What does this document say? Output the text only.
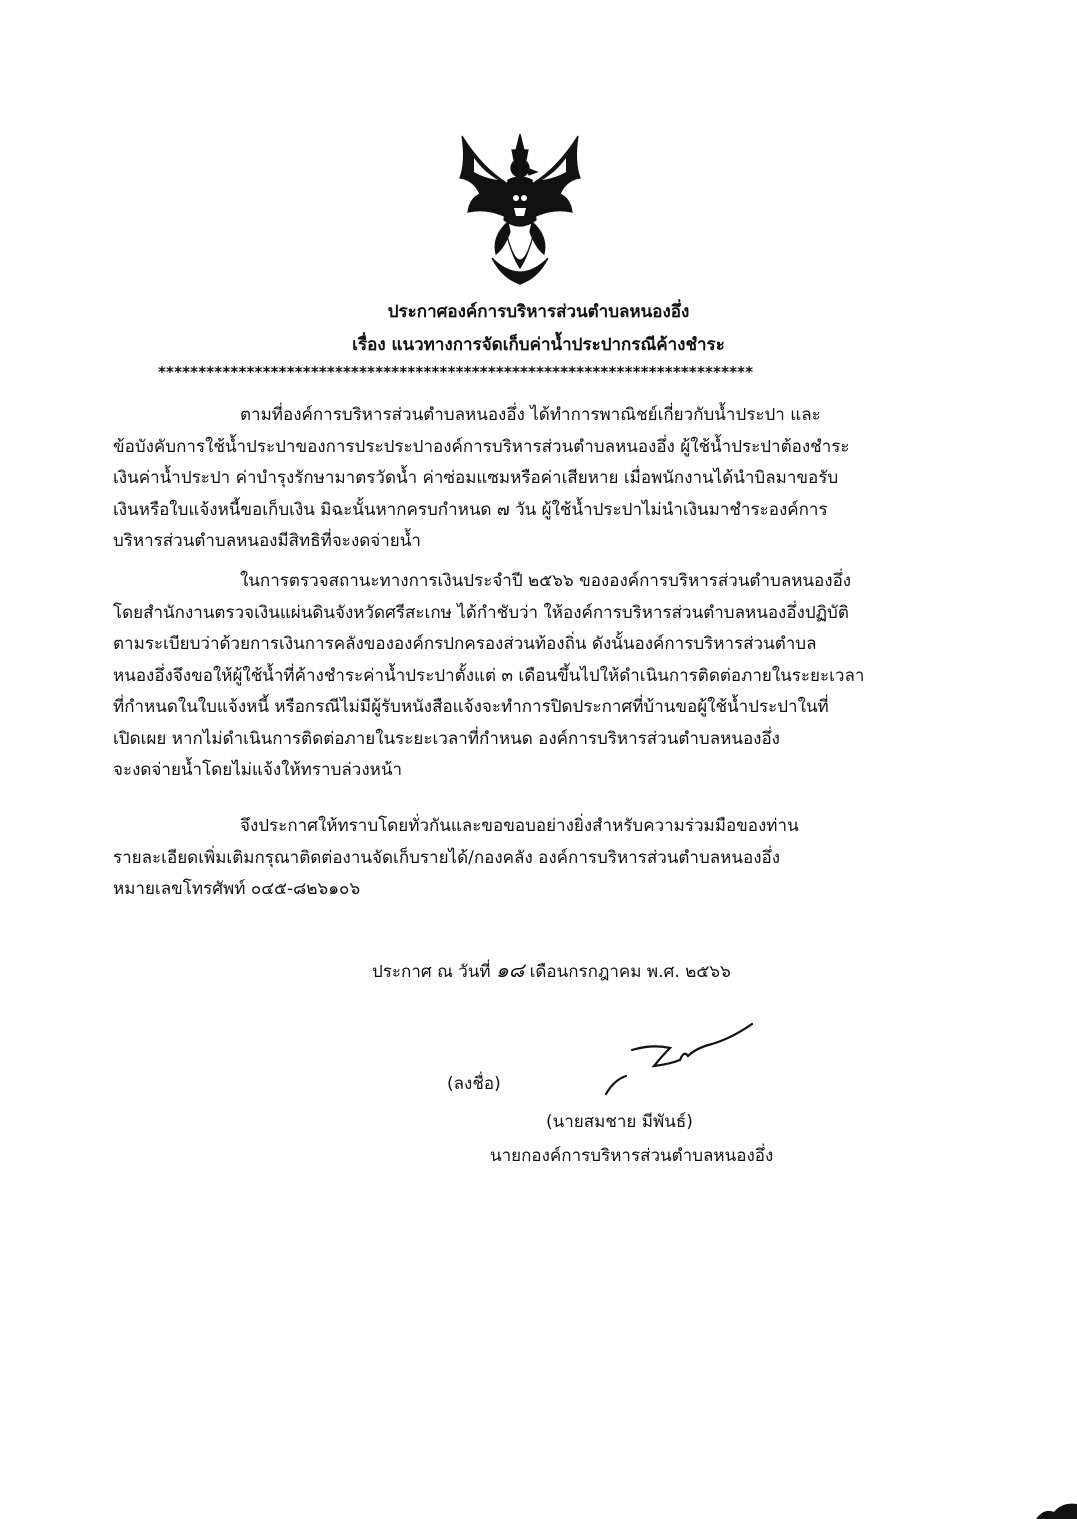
ประกาศองค์การบริหารส่วนตำบลหนองอึ่ง
เรื่อง แนวทางการจัดเก็บค่าน้ำประปากรณีค้างชำระ
**************************************************************************
ตามที่องค์การบริหารส่วนตำบลหนองอึ่ง ได้ทำการพาณิชย์เกี่ยวกับน้ำประปา และ
ข้อบังคับการใช้น้ำประปาของการประประปาองค์การบริหารส่วนตำบลหนองอึ่ง ผู้ใช้น้ำประปาต้องชำระ
เงินค่าน้ำประปา ค่าบำรุงรักษามาตรวัดน้ำ ค่าซ่อมแซมหรือค่าเสียหาย เมื่อพนักงานได้นำบิลมาขอรับ
เงินหรือใบแจ้งหนี้ขอเก็บเงิน มิฉะนั้นหากครบกำหนด ๗ วัน ผู้ใช้น้ำประปาไม่นำเงินมาชำระองค์การ
บริหารส่วนตำบลหนองมีสิทธิที่จะงดจ่ายน้ำ
ในการตรวจสถานะทางการเงินประจำปี ๒๕๖๖ ขององค์การบริหารส่วนตำบลหนองอึ่ง
โดยสำนักงานตรวจเงินแผ่นดินจังหวัดศรีสะเกษ ได้กำชับว่า ให้องค์การบริหารส่วนตำบลหนองอึ่งปฏิบัติ
ตามระเบียบว่าด้วยการเงินการคลังขององค์กรปกครองส่วนท้องถิ่น ดังนั้นองค์การบริหารส่วนตำบล
หนองอึ่งจึงขอให้ผู้ใช้น้ำที่ค้างชำระค่าน้ำประปาตั้งแต่ ๓ เดือนขึ้นไปให้ดำเนินการติดต่อภายในระยะเวลา
ที่กำหนดในใบแจ้งหนี้ หรือกรณีไม่มีผู้รับหนังสือแจ้งจะทำการปิดประกาศที่บ้านขอผู้ใช้น้ำประปาในที่
เปิดเผย หากไม่ดำเนินการติดต่อภายในระยะเวลาที่กำหนด องค์การบริหารส่วนตำบลหนองอึ่ง
จะงดจ่ายน้ำโดยไม่แจ้งให้ทราบล่วงหน้า
จึงประกาศให้ทราบโดยทั่วกันและขอขอบอย่างยิ่งสำหรับความร่วมมือของท่าน
รายละเอียดเพิ่มเติมกรุณาติดต่องานจัดเก็บรายได้/กองคลัง องค์การบริหารส่วนตำบลหนองอึ่ง
หมายเลขโทรศัพท์ ๐๔๕-๘๒๖๑๐๖
ประกาศ ณ วันที่ ๑๘ เดือนกรกฎาคม พ.ศ. ๒๕๖๖
(ลงชื่อ)
(นายสมชาย มีพันธ์)
นายกองค์การบริหารส่วนตำบลหนองอึ่ง
